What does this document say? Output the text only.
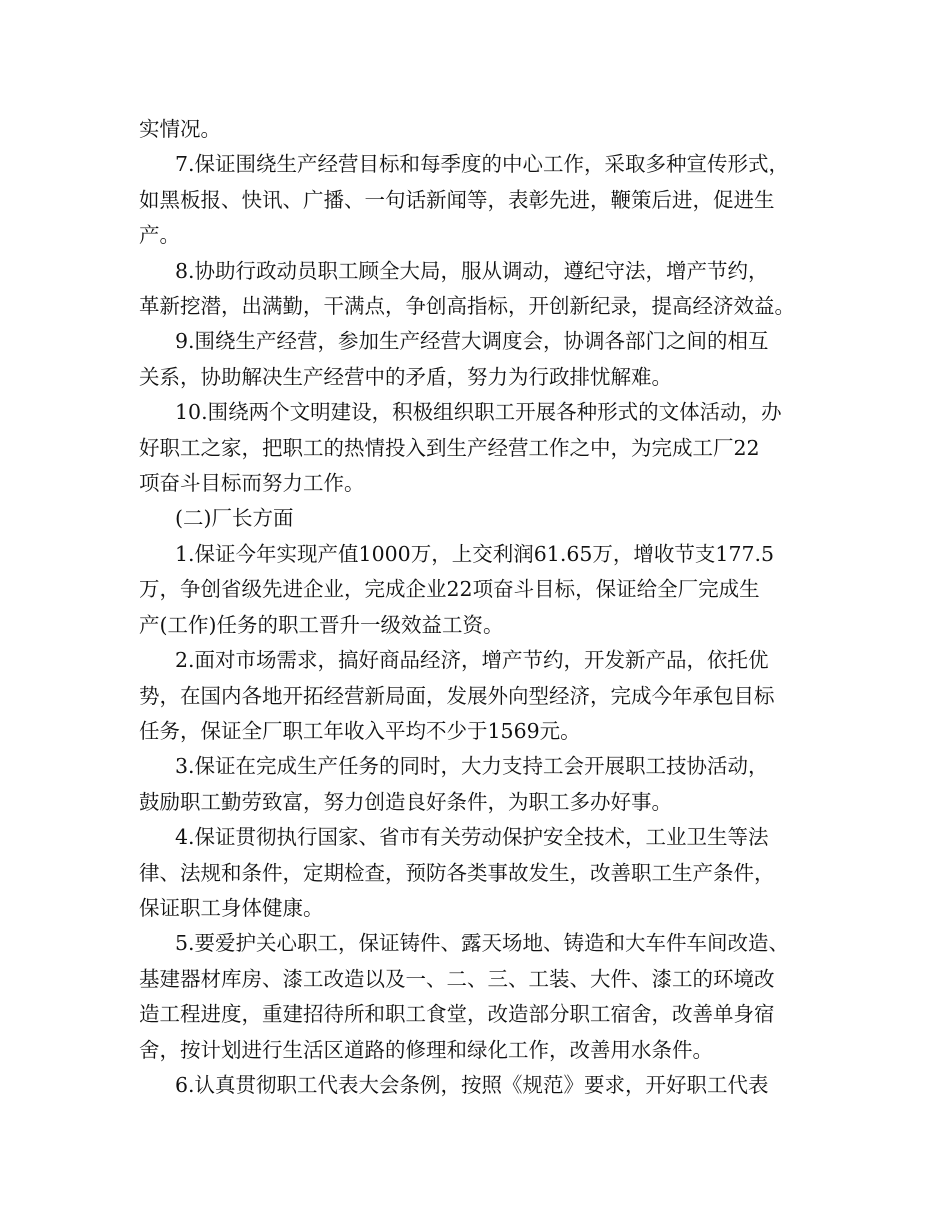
实情况。

7.保证围绕生产经营目标和每季度的中心工作，采取多种宣传形式，
如黑板报、快讯、广播、一句话新闻等，表彰先进，鞭策后进，促进生
产。

8.协助行政动员职工顾全大局，服从调动，遵纪守法，增产节约，
革新挖潜，出满勤，干满点，争创高指标，开创新纪录，提高经济效益。

9.围绕生产经营，参加生产经营大调度会，协调各部门之间的相互
关系，协助解决生产经营中的矛盾，努力为行政排忧解难。

10.围绕两个文明建设，积极组织职工开展各种形式的文体活动，办
好职工之家，把职工的热情投入到生产经营工作之中，为完成工厂22
项奋斗目标而努力工作。

(二)厂长方面

1.保证今年实现产值1000万，上交利润61.65万，增收节支177.5
万，争创省级先进企业，完成企业22项奋斗目标，保证给全厂完成生
产(工作)任务的职工晋升一级效益工资。

2.面对市场需求，搞好商品经济，增产节约，开发新产品，依托优
势，在国内各地开拓经营新局面，发展外向型经济，完成今年承包目标
任务，保证全厂职工年收入平均不少于1569元。

3.保证在完成生产任务的同时，大力支持工会开展职工技协活动，
鼓励职工勤劳致富，努力创造良好条件，为职工多办好事。

4.保证贯彻执行国家、省市有关劳动保护安全技术，工业卫生等法
律、法规和条件，定期检查，预防各类事故发生，改善职工生产条件，
保证职工身体健康。

5.要爱护关心职工，保证铸件、露天场地、铸造和大车件车间改造、
基建器材库房、漆工改造以及一、二、三、工装、大件、漆工的环境改
造工程进度，重建招待所和职工食堂，改造部分职工宿舍，改善单身宿
舍，按计划进行生活区道路的修理和绿化工作，改善用水条件。

6.认真贯彻职工代表大会条例，按照《规范》要求，开好职工代表
